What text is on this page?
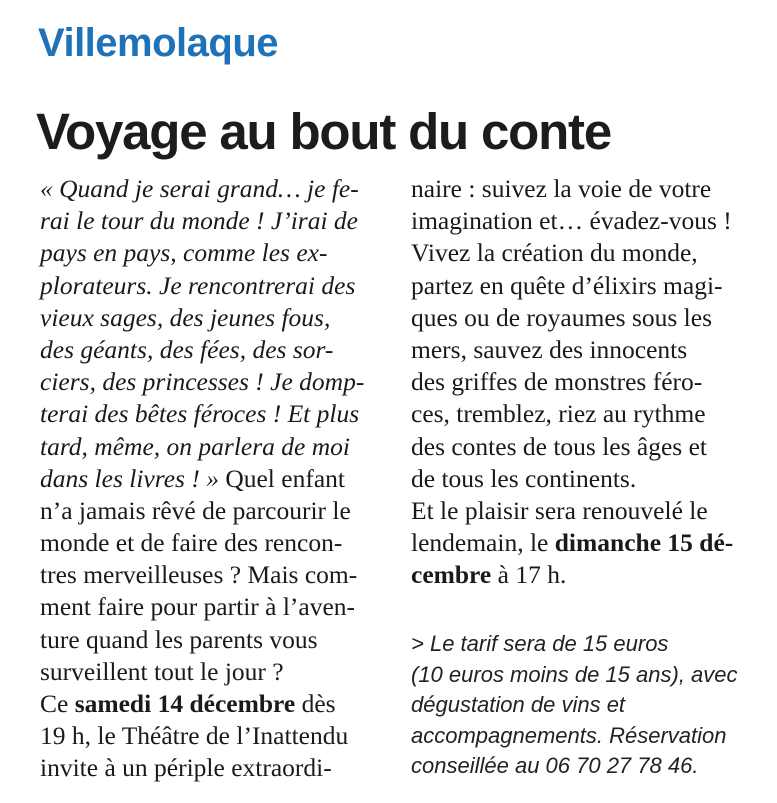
Villemolaque
Voyage au bout du conte
« Quand je serai grand… je fe-
rai le tour du monde ! J’irai de
pays en pays, comme les ex-
plorateurs. Je rencontrerai des
vieux sages, des jeunes fous,
des géants, des fées, des sor-
ciers, des princesses ! Je domp-
terai des bêtes féroces ! Et plus
tard, même, on parlera de moi
dans les livres ! » Quel enfant
n’a jamais rêvé de parcourir le
monde et de faire des rencon-
tres merveilleuses ? Mais com-
ment faire pour partir à l’aven-
ture quand les parents vous
surveillent tout le jour ?
Ce samedi 14 décembre dès
19 h, le Théâtre de l’Inattendu
invite à un périple extraordi-
naire : suivez la voie de votre
imagination et… évadez-vous !
Vivez la création du monde,
partez en quête d’élixirs magi-
ques ou de royaumes sous les
mers, sauvez des innocents
des griffes de monstres féro-
ces, tremblez, riez au rythme
des contes de tous les âges et
de tous les continents.
Et le plaisir sera renouvelé le
lendemain, le dimanche 15 dé-
cembre à 17 h.
> Le tarif sera de 15 euros
(10 euros moins de 15 ans), avec
dégustation de vins et
accompagnements. Réservation
conseillée au 06 70 27 78 46.
